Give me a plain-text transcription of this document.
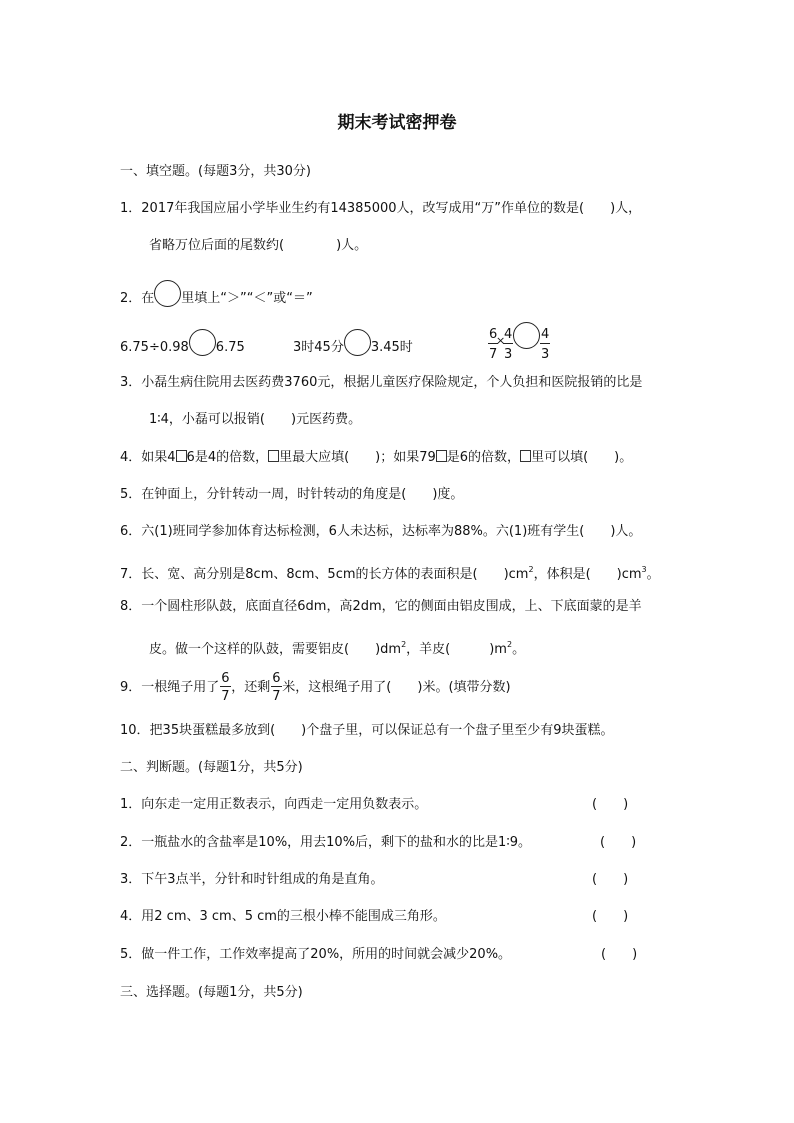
期末考试密押卷
一、填空题。(每题3分，共30分)
1．2017年我国应届小学毕业生约有14385000人，改写成用“万”作单位的数是(　　)人，
省略万位后面的尾数约(　　　　)人。
2．在 里填上“＞”“＜”或“＝”
6.75÷0.98 6.75	3时45分 3.45时
$\frac{6}{7}$
×
$\frac{4}{3}$
$\frac{4}{3}$
3．小磊生病住院用去医药费3760元，根据儿童医疗保险规定，个人负担和医院报销的比是
1∶4，小磊可以报销(　　)元医药费。
4．如果4 6是4的倍数， 里最大应填(　　)；如果79 是6的倍数， 里可以填(　　)。
5．在钟面上，分针转动一周，时针转动的角度是(　　)度。
6．六(1)班同学参加体育达标检测，6人未达标，达标率为88%。六(1)班有学生(　　)人。
7．长、宽、高分别是8cm、8cm、5cm的长方体的表面积是(　　)$cm^2$，体积是(　　)$cm^3$。
8．一个圆柱形队鼓，底面直径6dm，高2dm，它的侧面由铝皮围成，上、下底面蒙的是羊
皮。做一个这样的队鼓，需要铝皮(　　)$dm^2$，羊皮(　　　)$m^2$。
9．一根绳子用了 $\frac{6}{7}$ ，还剩 $\frac{6}{7}$ 米，这根绳子用了(　　)米。(填带分数)
10．把35块蛋糕最多放到(　　)个盘子里，可以保证总有一个盘子里至少有9块蛋糕。
二、判断题。(每题1分，共5分)
1．向东走一定用正数表示，向西走一定用负数表示。	(　　)
2．一瓶盐水的含盐率是10%，用去10%后，剩下的盐和水的比是1∶9。	(　　)
3．下午3点半，分针和时针组成的角是直角。	(　　)
4．用2 cm、3 cm、5 cm的三根小棒不能围成三角形。	(　　)
5．做一件工作，工作效率提高了20%，所用的时间就会减少20%。	(　　)
三、选择题。(每题1分，共5分)
